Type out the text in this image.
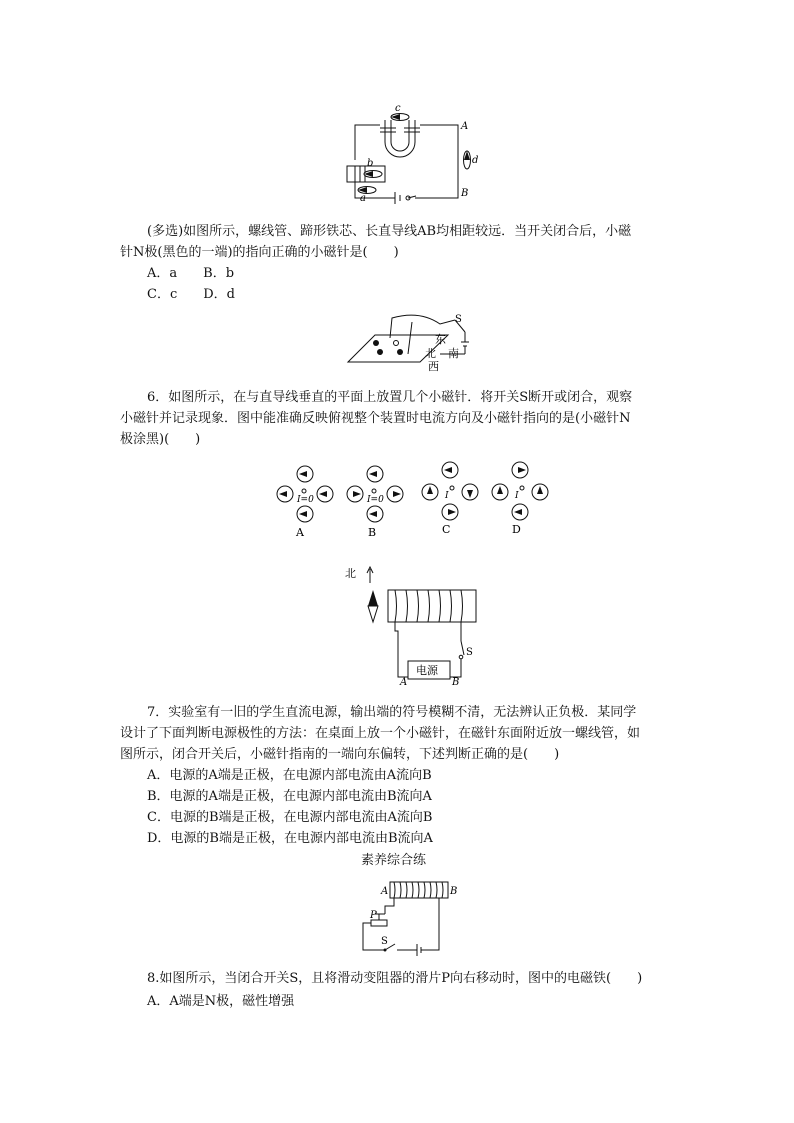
c
b
a
d
A
B
(多选)如图所示，螺线管、蹄形铁芯、长直导线AB均相距较远．当开关闭合后，小磁
针N极(黑色的一端)的指向正确的小磁针是(　　)
A．a　　B．b
C．c　　D．d
S
东
南
北
西
6．如图所示，在与直导线垂直的平面上放置几个小磁针．将开关S断开或闭合，观察
小磁针并记录现象．图中能准确反映俯视整个装置时电流方向及小磁针指向的是(小磁针N
极涂黑)(　　)
I=0
A
I=0
B
I
C
I
D
北
电源
A	B
S
7．实验室有一旧的学生直流电源，输出端的符号模糊不清，无法辨认正负极．某同学
设计了下面判断电源极性的方法：在桌面上放一个小磁针，在磁针东面附近放一螺线管，如
图所示，闭合开关后，小磁针指南的一端向东偏转，下述判断正确的是(　　)
A．电源的A端是正极，在电源内部电流由A流向B
B．电源的A端是正极，在电源内部电流由B流向A
C．电源的B端是正极，在电源内部电流由A流向B
D．电源的B端是正极，在电源内部电流由B流向A
素养综合练
A	B
P
S
8.如图所示，当闭合开关S，且将滑动变阻器的滑片P向右移动时，图中的电磁铁(　　)
A．A端是N极，磁性增强
